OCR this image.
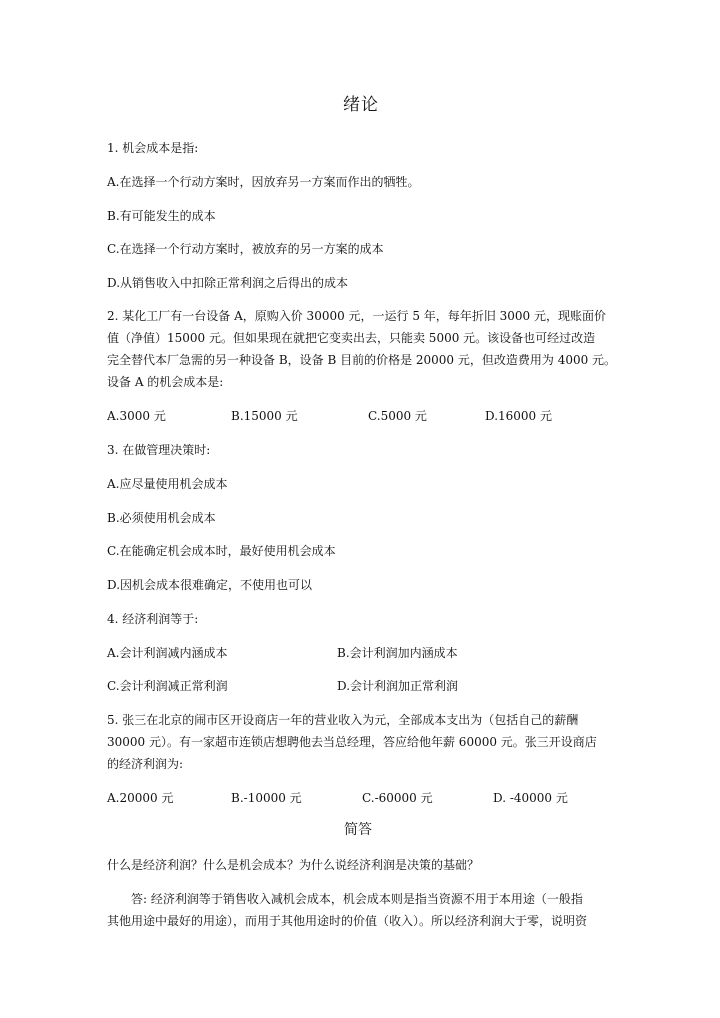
绪论
1. 机会成本是指:
A.在选择一个行动方案时，因放弃另一方案而作出的牺牲。
B.有可能发生的成本
C.在选择一个行动方案时，被放弃的另一方案的成本
D.从销售收入中扣除正常利润之后得出的成本
2. 某化工厂有一台设备 A，原购入价 30000 元，一运行 5 年，每年折旧 3000 元，现账面价
值（净值）15000 元。但如果现在就把它变卖出去，只能卖 5000 元。该设备也可经过改造
完全替代本厂急需的另一种设备 B，设备 B 目前的价格是 20000 元，但改造费用为 4000 元。
设备 A 的机会成本是:
A.3000 元	B.15000 元	C.5000 元	D.16000 元
3. 在做管理决策时:
A.应尽量使用机会成本
B.必须使用机会成本
C.在能确定机会成本时，最好使用机会成本
D.因机会成本很难确定，不使用也可以
4. 经济利润等于:
A.会计利润减内涵成本	B.会计利润加内涵成本
C.会计利润减正常利润	D.会计利润加正常利润
5. 张三在北京的闹市区开设商店一年的营业收入为元，全部成本支出为（包括自己的薪酬
30000 元）。有一家超市连锁店想聘他去当总经理，答应给他年薪 60000 元。张三开设商店
的经济利润为:
A.20000 元	B.-10000 元	C.-60000 元	D. -40000 元
简答
什么是经济利润？什么是机会成本？为什么说经济利润是决策的基础？
答: 经济利润等于销售收入减机会成本，机会成本则是指当资源不用于本用途（一般指
其他用途中最好的用途），而用于其他用途时的价值（收入）。所以经济利润大于零，说明资
